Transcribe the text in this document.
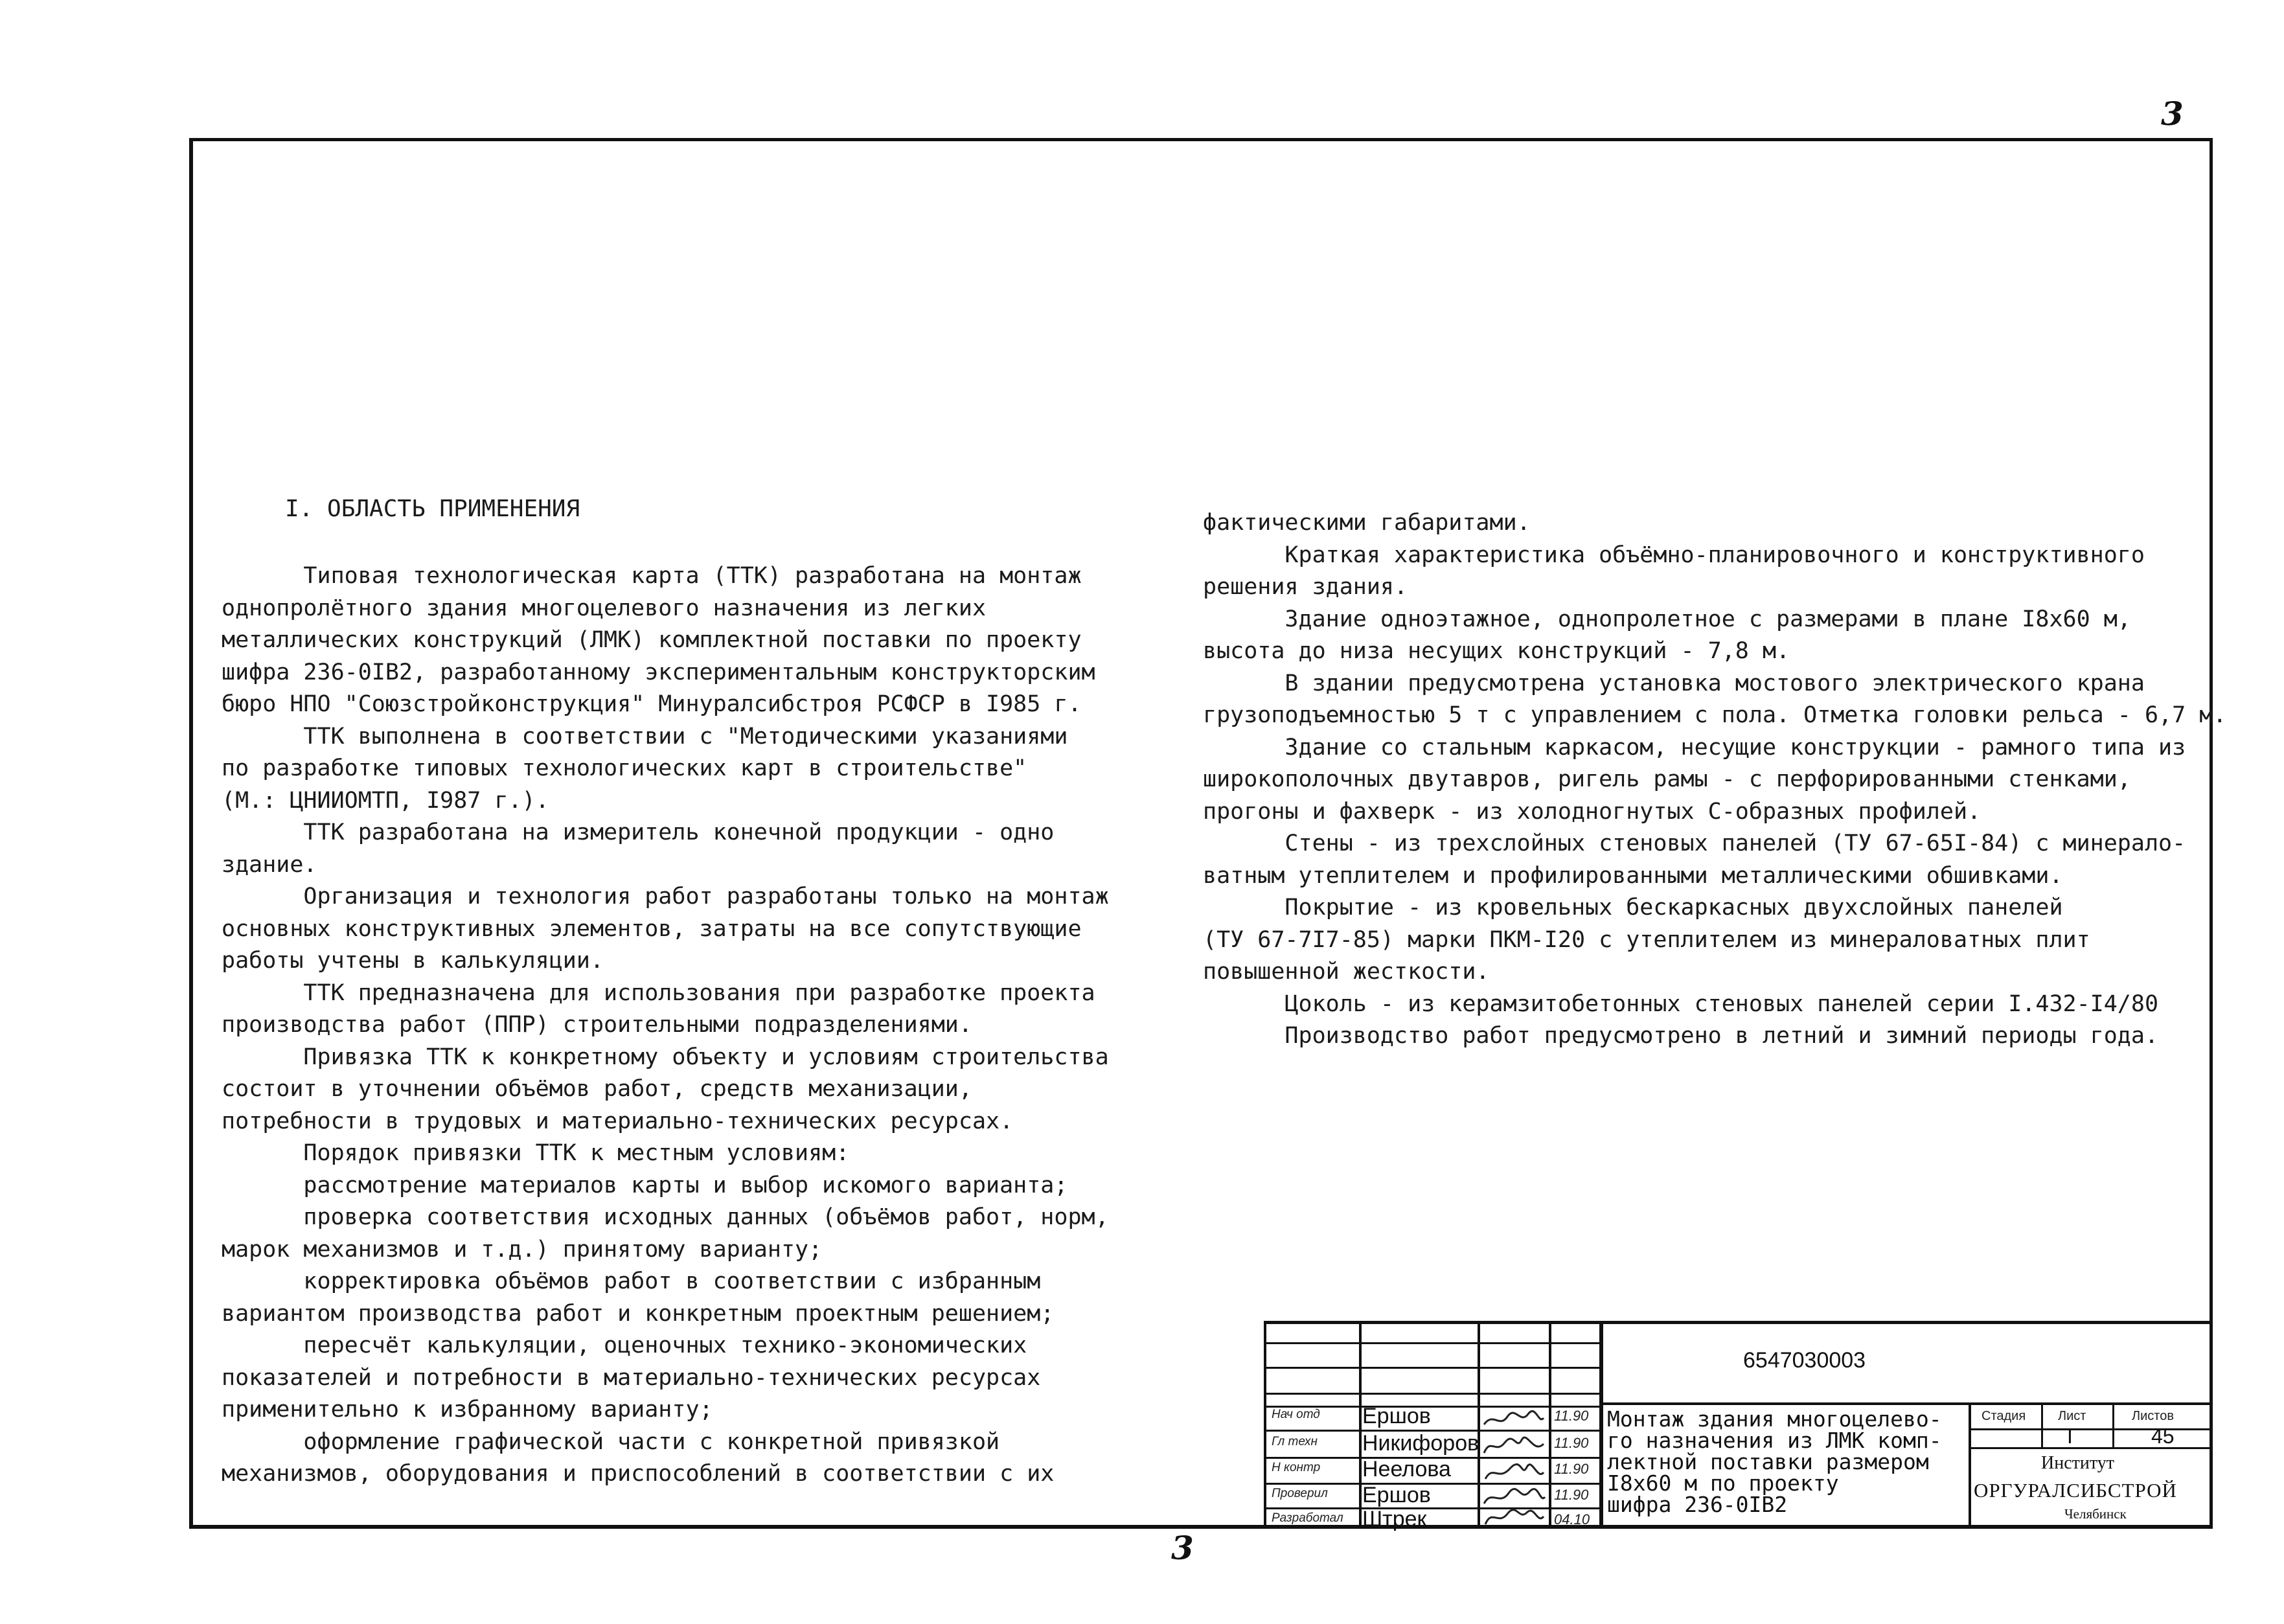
3
I. ОБЛАСТЬ ПРИМЕНЕНИЯ
Типовая технологическая карта (ТТК) разработана на монтаж
однопролётного здания многоцелевого назначения из легких
металлических конструкций (ЛМК) комплектной поставки по проекту
шифра 236-0IВ2, разработанному экспериментальным конструкторским
бюро НПО "Союзстройконструкция" Минуралсибстроя РСФСР в I985 г.
ТТК выполнена в соответствии с "Методическими указаниями
по разработке типовых технологических карт в строительстве"
(М.: ЦНИИОМТП, I987 г.).
ТТК разработана на измеритель конечной продукции - одно
здание.
Организация и технология работ разработаны только на монтаж
основных конструктивных элементов, затраты на все сопутствующие
работы учтены в калькуляции.
ТТК предназначена для использования при разработке проекта
производства работ (ППР) строительными подразделениями.
Привязка ТТК к конкретному объекту и условиям строительства
состоит в уточнении объёмов работ, средств механизации,
потребности в трудовых и материально-технических ресурсах.
Порядок привязки ТТК к местным условиям:
рассмотрение материалов карты и выбор искомого варианта;
проверка соответствия исходных данных (объёмов работ, норм,
марок механизмов и т.д.) принятому варианту;
корректировка объёмов работ в соответствии с избранным
вариантом производства работ и конкретным проектным решением;
пересчёт калькуляции, оценочных технико-экономических
показателей и потребности в материально-технических ресурсах
применительно к избранному варианту;
оформление графической части с конкретной привязкой
механизмов, оборудования и приспособлений в соответствии с их
фактическими габаритами.
Краткая характеристика объёмно-планировочного и конструктивного
решения здания.
Здание одноэтажное, однопролетное с размерами в плане I8х60 м,
высота до низа несущих конструкций - 7,8 м.
В здании предусмотрена установка мостового электрического крана
грузоподъемностью 5 т с управлением с пола. Отметка головки рельса - 6,7 м.
Здание со стальным каркасом, несущие конструкции - рамного типа из
широкополочных двутавров, ригель рамы - с перфорированными стенками,
прогоны и фахверк - из холодногнутых С-образных профилей.
Стены - из трехслойных стеновых панелей (ТУ 67-65I-84) с минерало-
ватным утеплителем и профилированными металлическими обшивками.
Покрытие - из кровельных бескаркасных двухслойных панелей
(ТУ 67-7I7-85) марки ПКМ-I20 с утеплителем из минераловатных плит
повышенной жесткости.
Цоколь - из керамзитобетонных стеновых панелей серии I.432-I4/80
Производство работ предусмотрено в летний и зимний периоды года.
Нач отд Ершов
Гл техн Никифоров
Н контр Неелова
Проверил Ершов
Разработал Штрек
11.90
11.90
11.90
11.90
04.10
6547030003
Монтаж здания многоцелево-
го назначения из ЛМК комп-
лектной поставки размером
I8х60 м по проекту
шифра 236-0IВ2
Стадия Лист	Листов
I	45
Институт
ОРГУРАЛСИБСТРОЙ
Челябинск
3
